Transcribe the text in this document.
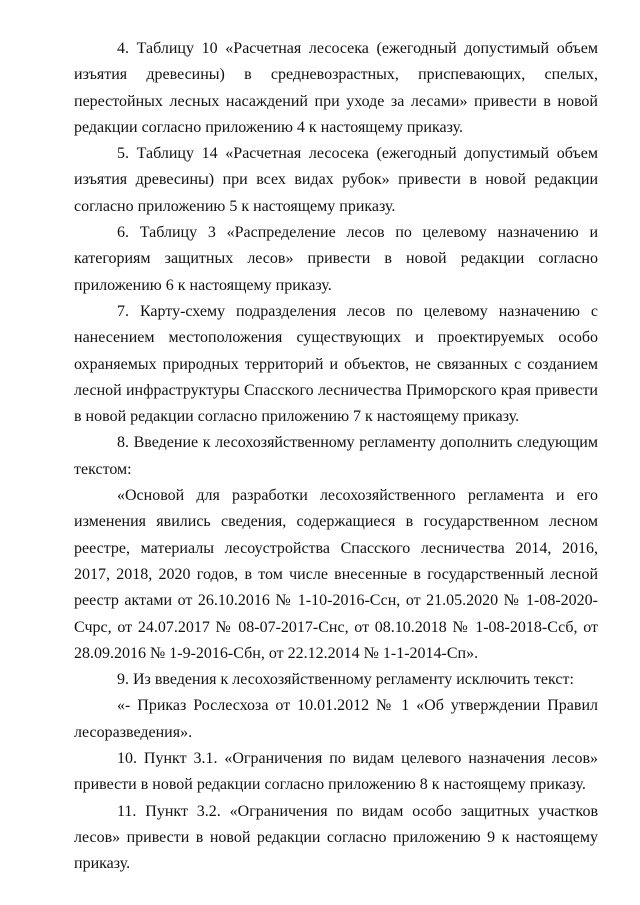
4. Таблицу 10 «Расчетная лесосека (ежегодный допустимый объем изъятия древесины) в средневозрастных, приспевающих, спелых, перестойных лесных насаждений при уходе за лесами» привести в новой редакции согласно приложению 4 к настоящему приказу.

5. Таблицу 14 «Расчетная лесосека (ежегодный допустимый объем изъятия древесины) при всех видах рубок» привести в новой редакции согласно приложению 5 к настоящему приказу.

6. Таблицу 3 «Распределение лесов по целевому назначению и категориям защитных лесов» привести в новой редакции согласно приложению 6 к настоящему приказу.

7. Карту-схему подразделения лесов по целевому назначению с нанесением местоположения существующих и проектируемых особо охраняемых природных территорий и объектов, не связанных с созданием лесной инфраструктуры Спасского лесничества Приморского края привести в новой редакции согласно приложению 7 к настоящему приказу.

8. Введение к лесохозяйственному регламенту дополнить следующим текстом:

«Основой для разработки лесохозяйственного регламента и его изменения явились сведения, содержащиеся в государственном лесном реестре, материалы лесоустройства Спасского лесничества 2014, 2016, 2017, 2018, 2020 годов, в том числе внесенные в государственный лесной реестр актами от 26.10.2016 № 1-10-2016-Ссн, от 21.05.2020 № 1-08-2020-Счрс, от 24.07.2017 № 08-07-2017-Снс, от 08.10.2018 № 1-08-2018-Ссб, от 28.09.2016 № 1-9-2016-Сбн, от 22.12.2014 № 1-1-2014-Сп».

9. Из введения к лесохозяйственному регламенту исключить текст:

«- Приказ Рослесхоза от 10.01.2012 № 1 «Об утверждении Правил лесоразведения».

10. Пункт 3.1. «Ограничения по видам целевого назначения лесов» привести в новой редакции согласно приложению 8 к настоящему приказу.

11. Пункт 3.2. «Ограничения по видам особо защитных участков лесов» привести в новой редакции согласно приложению 9 к настоящему приказу.
